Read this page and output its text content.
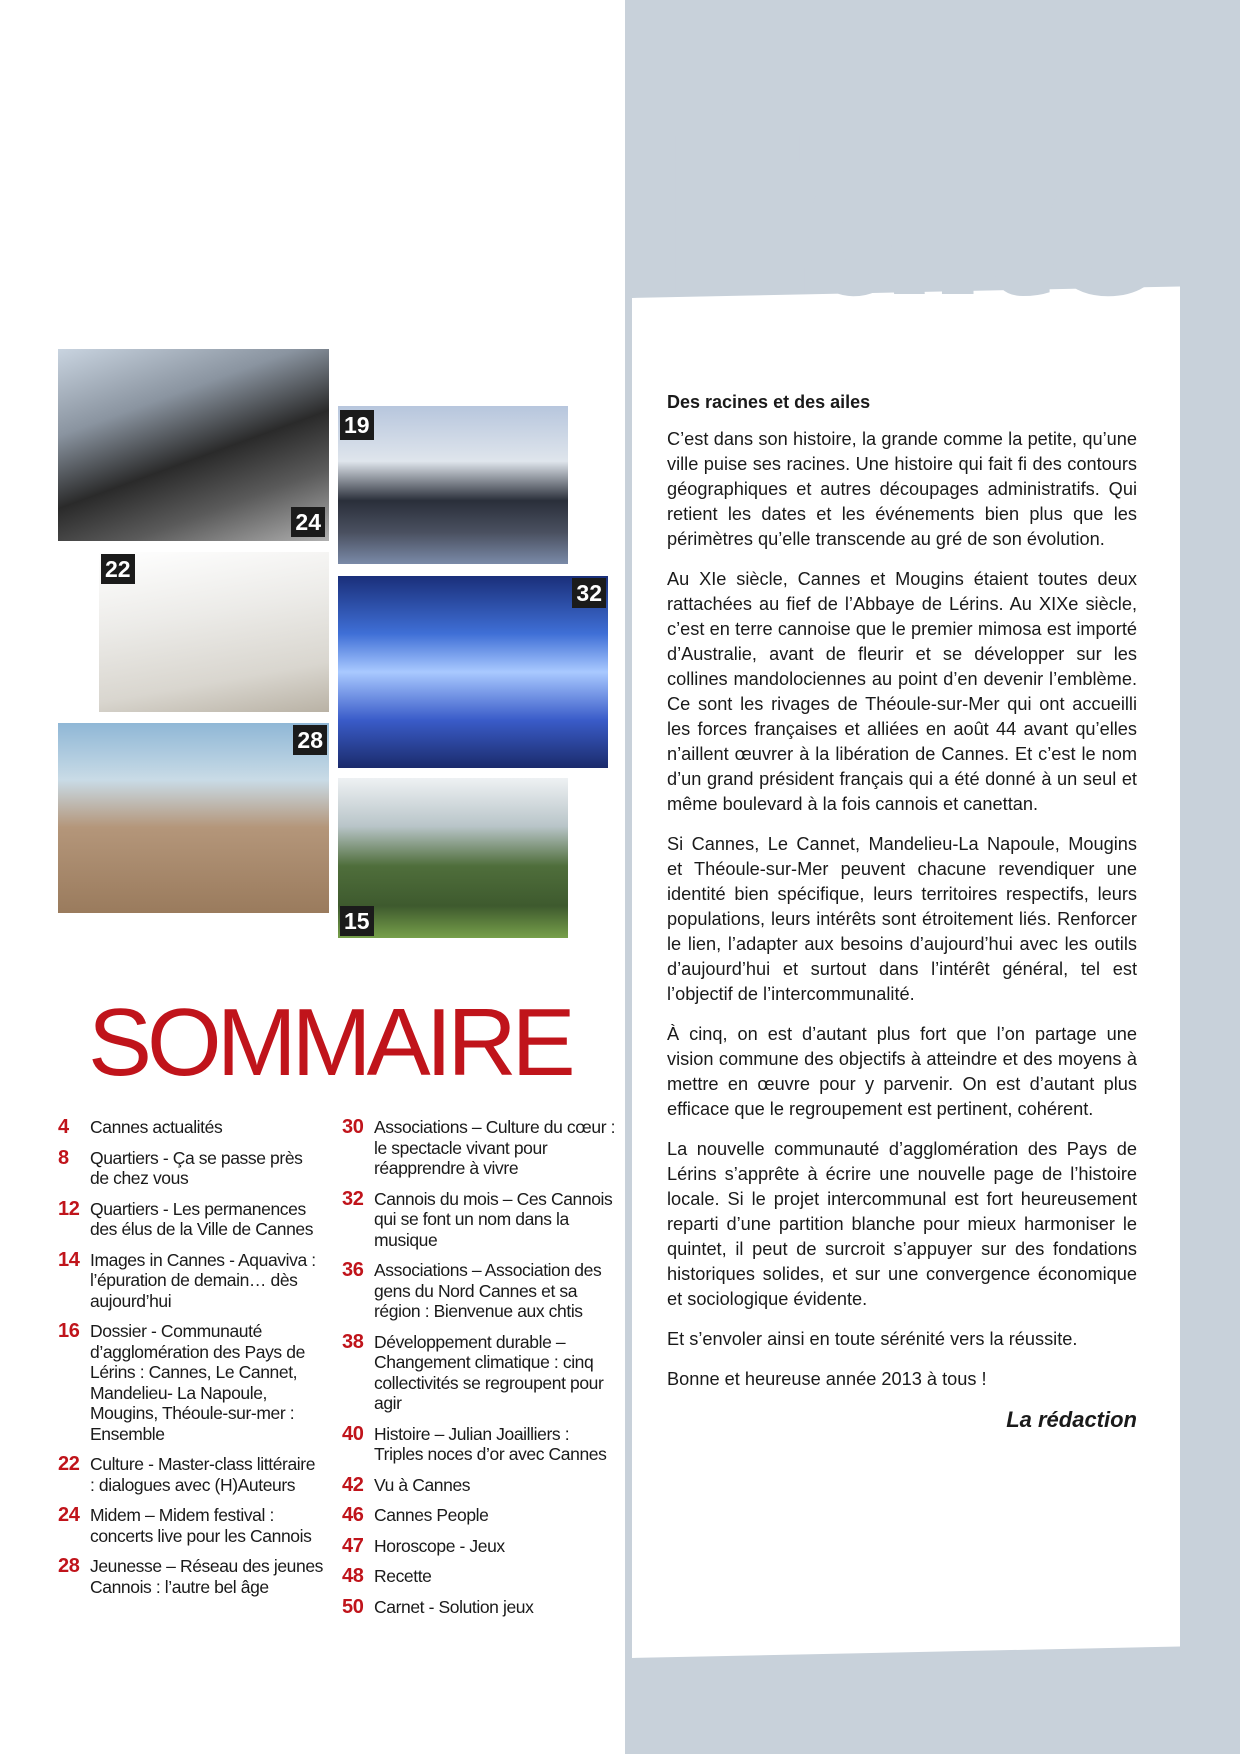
Édito
Des racines et des ailes

C’est dans son histoire, la grande comme la petite, qu’une ville puise ses racines. Une histoire qui fait fi des contours géographiques et autres découpages administratifs. Qui retient les dates et les événements bien plus que les périmètres qu’elle transcende au gré de son évolution.

Au XIe siècle, Cannes et Mougins étaient toutes deux rattachées au fief de l’Abbaye de Lérins. Au XIXe siècle, c’est en terre cannoise que le premier mimosa est importé d’Australie, avant de fleurir et se développer sur les collines mandolociennes au point d’en devenir l’emblème. Ce sont les rivages de Théoule-sur-Mer qui ont accueilli les forces françaises et alliées en août 44 avant qu’elles n’aillent œuvrer à la libération de Cannes. Et c’est le nom d’un grand président français qui a été donné à un seul et même boulevard à la fois cannois et canettan.

Si Cannes, Le Cannet, Mandelieu-La Napoule, Mougins et Théoule-sur-Mer peuvent chacune revendiquer une identité bien spécifique, leurs territoires respectifs, leurs populations, leurs intérêts sont étroitement liés. Renforcer le lien, l’adapter aux besoins d’aujourd’hui avec les outils d’aujourd’hui et surtout dans l’intérêt général, tel est l’objectif de l’intercommunalité.

À cinq, on est d’autant plus fort que l’on partage une vision commune des objectifs à atteindre et des moyens à mettre en œuvre pour y parvenir. On est d’autant plus efficace que le regroupement est pertinent, cohérent.

La nouvelle communauté d’agglomération des Pays de Lérins s’apprête à écrire une nouvelle page de l’histoire locale. Si le projet intercommunal est fort heureusement reparti d’une partition blanche pour mieux harmoniser le quintet, il peut de surcroit s’appuyer sur des fondations historiques solides, et sur une convergence économique et sociologique évidente.

Et s’envoler ainsi en toute sérénité vers la réussite.

Bonne et heureuse année 2013 à tous !

La rédaction
24
19
22
32
28
15
SOMMAIRE
4	Cannes actualités
8	Quartiers - Ça se passe près de chez vous
12 Quartiers - Les permanences des élus de la Ville de Cannes
14 Images in Cannes - Aquaviva : l’épuration de demain… dès aujourd’hui
16 Dossier - Communauté d’agglomération des Pays de Lérins : Cannes, Le Cannet, Mandelieu- La Napoule, Mougins, Théoule-sur-mer : Ensemble
22 Culture - Master-class littéraire : dialogues avec (H)Auteurs
24 Midem – Midem festival : concerts live pour les Cannois
28 Jeunesse – Réseau des jeunes Cannois : l’autre bel âge
30 Associations – Culture du cœur : le spectacle vivant pour réapprendre à vivre
32 Cannois du mois – Ces Cannois qui se font un nom dans la musique
36 Associations – Association des gens du Nord Cannes et sa région : Bienvenue aux chtis
38 Développement durable – Changement climatique : cinq collectivités se regroupent pour agir
40 Histoire – Julian Joailliers : Triples noces d’or avec Cannes
42 Vu à Cannes
46 Cannes People
47 Horoscope - Jeux
48 Recette
50 Carnet - Solution jeux
